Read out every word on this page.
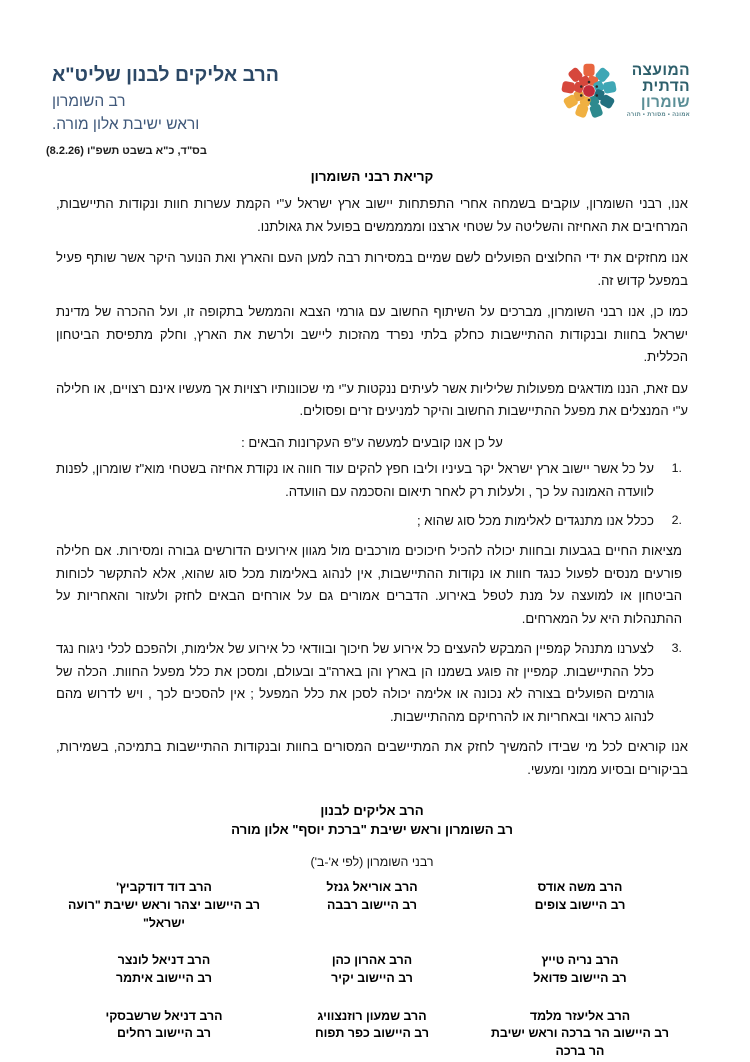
הרב אליקים לבנון שליט"א
רב השומרון
וראש ישיבת אלון מורה.
המועצה
הדתית
שומרון
אמונה • מסורת • תורה
בס"ד, כ"א בשבט תשפ"ו (8.2.26)
קריאת רבני השומרון

אנו, רבני השומרון, עוקבים בשמחה אחרי התפתחות יישוב ארץ ישראל ע"י הקמת עשרות חוות ונקודות התיישבות, המרחיבים את האחיזה והשליטה על שטחי ארצנו וממממשים בפועל את גאולתנו.

אנו מחזקים את ידי החלוצים הפועלים לשם שמיים במסירות רבה למען העם והארץ ואת הנוער היקר אשר שותף פעיל במפעל קדוש זה.

כמו כן, אנו רבני השומרון, מברכים על השיתוף החשוב עם גורמי הצבא והממשל בתקופה זו, ועל ההכרה של מדינת ישראל בחוות ובנקודות ההתיישבות כחלק בלתי נפרד מהזכות ליישב ולרשת את הארץ, וחלק מתפיסת הביטחון הכללית.

עם זאת, הננו מודאגים מפעולות שליליות אשר לעיתים ננקטות ע"י מי שכוונותיו רצויות אך מעשיו אינם רצויים, או חלילה ע"י המנצלים את מפעל ההתיישבות החשוב והיקר למניעים זרים ופסולים.

על כן אנו קובעים למעשה ע"פ העקרונות הבאים :
על כל אשר יישוב ארץ ישראל יקר בעיניו וליבו חפץ להקים עוד חווה או נקודת אחיזה בשטחי מוא"ז שומרון, לפנות לוועדה האמונה על כך , ולעלות רק לאחר תיאום והסכמה עם הוועדה.
ככלל אנו מתנגדים לאלימות מכל סוג שהוא ;
מציאות החיים בגבעות ובחוות יכולה להכיל חיכוכים מורכבים מול מגוון אירועים הדורשים גבורה ומסירות. אם חלילה פורעים מנסים לפעול כנגד חוות או נקודות ההתיישבות, אין לנהוג באלימות מכל סוג שהוא, אלא להתקשר לכוחות הביטחון או למועצה על מנת לטפל באירוע. הדברים אמורים גם על אורחים הבאים לחזק ולעזור והאחריות על ההתנהלות היא על המארחים.
לצערנו מתנהל קמפיין המבקש להעצים כל אירוע של חיכוך ובוודאי כל אירוע של אלימות, ולהפכם לכלי ניגוח נגד כלל ההתיישבות. קמפיין זה פוגע בשמנו הן בארץ והן בארה"ב ובעולם, ומסכן את כלל מפעל החוות. הכלה של גורמים הפועלים בצורה לא נכונה או אלימה יכולה לסכן את כלל המפעל ; אין להסכים לכך , ויש לדרוש מהם לנהוג כראוי ובאחריות או להרחיקם מההתיישבות.
אנו קוראים לכל מי שבידו להמשיך לחזק את המתיישבים המסורים בחוות ובנקודות ההתיישבות בתמיכה, בשמירות, בביקורים ובסיוע ממוני ומעשי.
הרב אליקים לבנון
רב השומרון וראש ישיבת "ברכת יוסף" אלון מורה
רבני השומרון (לפי א'-ב')
הרב משה אודס
רב היישוב צופים
הרב אוריאל גנזל
רב היישוב רבבה
הרב דוד דודקביץ'
רב היישוב יצהר וראש ישיבת "רועה ישראל"
הרב נריה טייץ
רב היישוב פדואל
הרב אהרון כהן
רב היישוב יקיר
הרב דניאל לונצר
רב היישוב איתמר
הרב אליעזר מלמד
רב היישוב הר ברכה וראש ישיבת הר ברכה
הרב שמעון רוזנצוויג
רב היישוב כפר תפוח
הרב דניאל שרשבסקי
רב היישוב רחלים
